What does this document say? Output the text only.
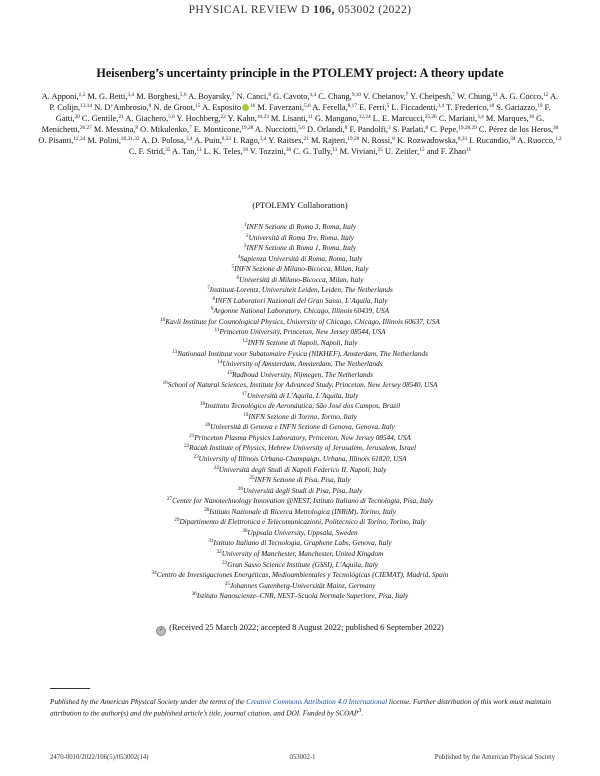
PHYSICAL REVIEW D 106, 053002 (2022)
Heisenberg’s uncertainty principle in the PTOLEMY project: A theory update
A. Apponi,$^{1,2}$ M. G. Betti,$^{3,4}$ M. Borghesi,$^{5,6}$ A. Boyarsky,$^7$ N. Canci,$^8$ G. Cavoto,$^{3,4}$ C. Chang,$^{9,10}$ V. Cheianov,$^7$ Y. Cheipesh,$^7$ W. Chung,$^{11}$ A. G. Cocco,$^{12}$ A. P. Colijn,$^{13,14}$ N. D’Ambrosio,$^8$ N. de Groot,$^{15}$ A. Esposito $^{16}$ M. Faverzani,$^{5,6}$ A. Ferella,$^{8,17}$ E. Ferri,$^5$ L. Ficcadenti,$^{3,4}$ T. Frederico,$^{18}$ S. Gariazzo,$^{19}$ F. Gatti,$^{20}$ C. Gentile,$^{21}$ A. Giachero,$^{5,6}$ Y. Hochberg,$^{22}$ Y. Kahn,$^{10,23}$ M. Lisanti,$^{11}$ G. Mangano,$^{12,24}$ L. E. Marcucci,$^{25,26}$ C. Mariani,$^{3,4}$ M. Marques,$^{18}$ G. Menichetti,$^{26,27}$ M. Messina,$^8$ O. Mikulenko,$^7$ E. Monticone,$^{19,28}$ A. Nucciotti,$^{5,6}$ D. Orlandi,$^8$ F. Pandolfi,$^3$ S. Parlati,$^8$ C. Pepe,$^{19,28,29}$ C. Pérez de los Heros,$^{30}$ O. Pisanti,$^{12,24}$ M. Polini,$^{26,31,32}$ A. D. Polosa,$^{3,4}$ A. Puiu,$^{8,33}$ I. Rago,$^{3,4}$ Y. Raitses,$^{21}$ M. Rajteri,$^{19,28}$ N. Rossi,$^8$ K. Rozwadowska,$^{8,33}$ I. Rucandio,$^{34}$ A. Ruocco,$^{1,2}$ C. F. Strid,$^{35}$ A. Tan,$^{11}$ L. K. Teles,$^{18}$ V. Tozzini,$^{36}$ C. G. Tully,$^{11}$ M. Viviani,$^{25}$ U. Zeitler,$^{15}$ and F. Zhao$^{11}$
(PTOLEMY Collaboration)
$^1$INFN Sezione di Roma 3, Roma, Italy
$^2$Università di Roma Tre, Roma, Italy
$^3$INFN Sezione di Roma 1, Roma, Italy
$^4$Sapienza Università di Roma, Roma, Italy
$^5$INFN Sezione di Milano-Bicocca, Milan, Italy
$^6$Università di Milano-Bicocca, Milan, Italy
$^7$Instituut-Lorentz, Universiteit Leiden, Leiden, The Netherlands
$^8$INFN Laboratori Nazionali del Gran Sasso, L’Aquila, Italy
$^9$Argonne National Laboratory, Chicago, Illinois 60439, USA
$^{10}$Kavli Institute for Cosmological Physics, University of Chicago, Chicago, Illinois 60637, USA
$^{11}$Princeton University, Princeton, New Jersey 08544, USA
$^{12}$INFN Sezione di Napoli, Napoli, Italy
$^{13}$Nationaal Instituut voor Subatomaire Fysica (NIKHEF), Amsterdam, The Netherlands
$^{14}$University of Amsterdam, Amsterdam, The Netherlands
$^{15}$Radboud University, Nijmegen, The Netherlands
$^{16}$School of Natural Sciences, Institute for Advanced Study, Princeton, New Jersey 08540, USA
$^{17}$Università di L’Aquila, L’Aquila, Italy
$^{18}$Instituto Tecnológico de Aeronáutica, São José dos Campos, Brazil
$^{19}$INFN Sezione di Torino, Torino, Italy
$^{20}$Università di Genova e INFN Sezione di Genova, Genova, Italy
$^{21}$Princeton Plasma Physics Laboratory, Princeton, New Jersey 08544, USA
$^{22}$Racah Institute of Physics, Hebrew University of Jerusalem, Jerusalem, Israel
$^{23}$University of Illinois Urbana-Champaign, Urbana, Illinois 61820, USA
$^{24}$Università degli Studi di Napoli Federico II, Napoli, Italy
$^{25}$INFN Sezione di Pisa, Pisa, Italy
$^{26}$Università degli Studi di Pisa, Pisa, Italy
$^{27}$Center for Nanotechnology Innovation @NEST, Istituto Italiano di Tecnologia, Pisa, Italy
$^{28}$Istituto Nazionale di Ricerca Metrologica (INRiM), Torino, Italy
$^{29}$Dipartimento di Elettronica e Telecomunicazioni, Politecnico di Torino, Torino, Italy
$^{30}$Uppsala University, Uppsala, Sweden
$^{31}$Istituto Italiano di Tecnologia, Graphene Labs, Genova, Italy
$^{32}$University of Manchester, Manchester, United Kingdom
$^{33}$Gran Sasso Science Institute (GSSI), L’Aquila, Italy
$^{34}$Centro de Investigaciones Energéticas, Medioambientales y Tecnológicas (CIEMAT), Madrid, Spain
$^{35}$Johannes Gutenberg-Universität Mainz, Germany
$^{36}$Istituto Nanoscienze–CNR, NEST–Scuola Normale Superiore, Pisa, Italy
✓ (Received 25 March 2022; accepted 8 August 2022; published 6 September 2022)
Published by the American Physical Society under the terms of the Creative Commons Attribution 4.0 International license. Further distribution of this work must maintain attribution to the author(s) and the published article’s title, journal citation, and DOI. Funded by SCOAP$^3$.
2470-0010/2022/106(5)/053002(14)	053002-1	Published by the American Physical Society
